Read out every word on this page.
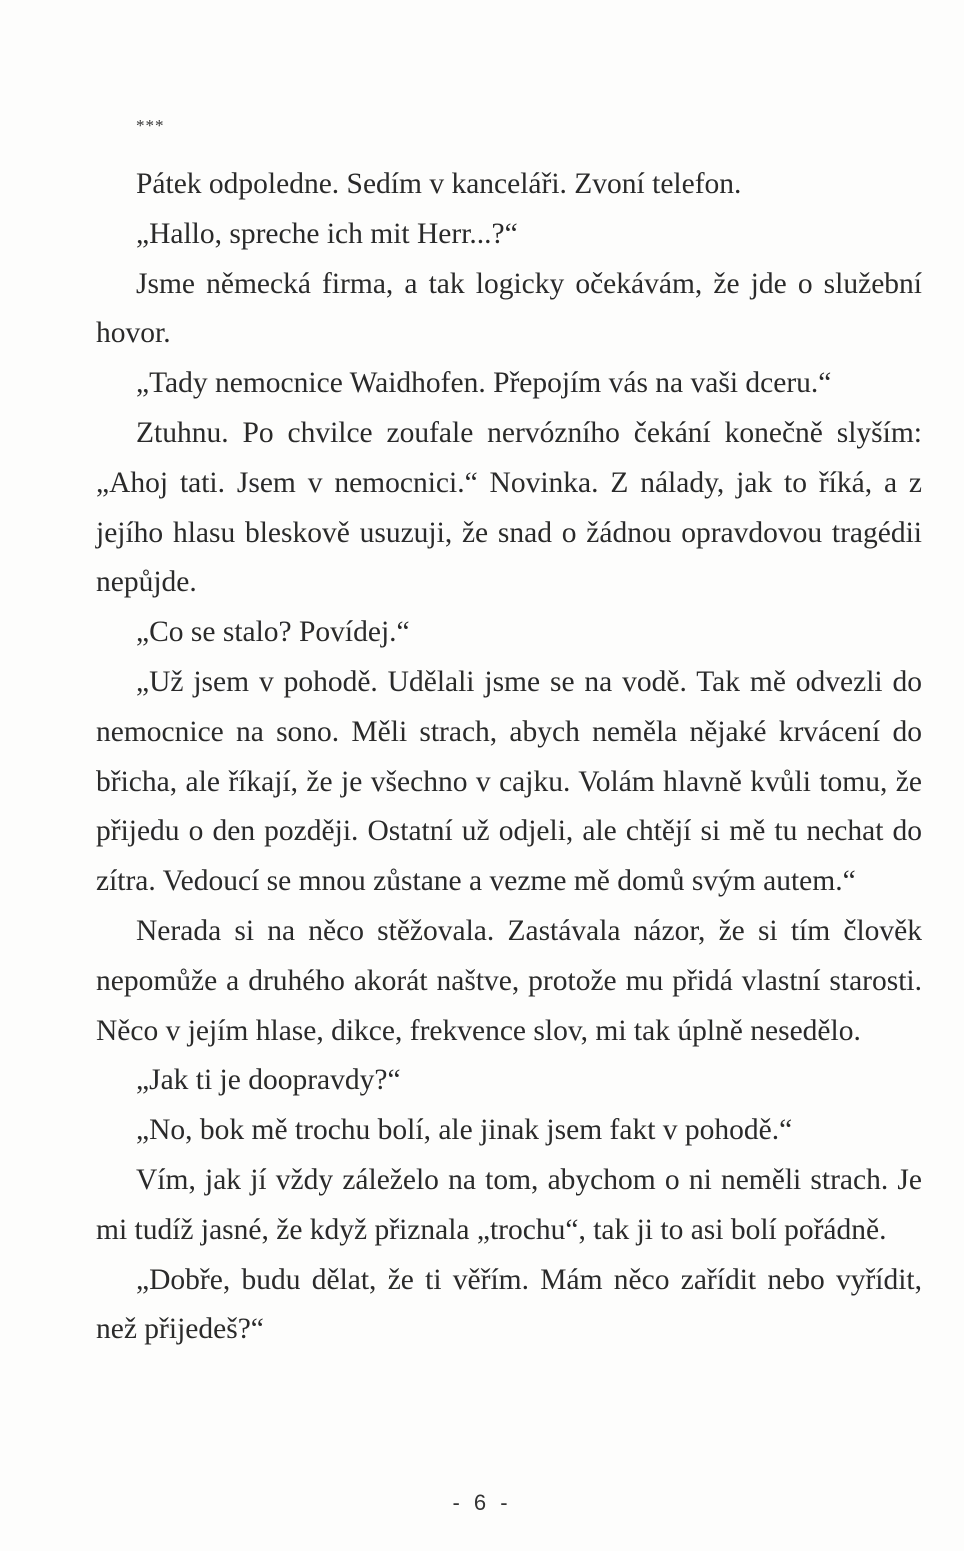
***

Pátek odpoledne. Sedím v kanceláři. Zvoní telefon.

„Hallo, spreche ich mit Herr...?“

Jsme německá firma, a tak logicky očekávám, že jde o služební hovor.

„Tady nemocnice Waidhofen. Přepojím vás na vaši dceru.“

Ztuhnu. Po chvilce zoufale nervózního čekání konečně slyším: „Ahoj tati. Jsem v nemocnici.“ Novinka. Z nálady, jak to říká, a z jejího hlasu bleskově usuzuji, že snad o žádnou opravdovou tragédii nepůjde.

„Co se stalo? Povídej.“

„Už jsem v pohodě. Udělali jsme se na vodě. Tak mě odvezli do nemocnice na sono. Měli strach, abych neměla nějaké krvácení do břicha, ale říkají, že je všechno v cajku. Volám hlavně kvůli tomu, že přijedu o den později. Ostatní už odjeli, ale chtějí si mě tu nechat do zítra. Vedoucí se mnou zůstane a vezme mě domů svým autem.“

Nerada si na něco stěžovala. Zastávala názor, že si tím člověk nepomůže a druhého akorát naštve, protože mu přidá vlastní starosti. Něco v jejím hlase, dikce, frekvence slov, mi tak úplně nesedělo.

„Jak ti je doopravdy?“

„No, bok mě trochu bolí, ale jinak jsem fakt v pohodě.“

Vím, jak jí vždy záleželo na tom, abychom o ni neměli strach. Je mi tudíž jasné, že když přiznala „trochu“, tak ji to asi bolí pořádně.

„Dobře, budu dělat, že ti věřím. Mám něco zařídit nebo vyřídit, než přijedeš?“

- 6 -
